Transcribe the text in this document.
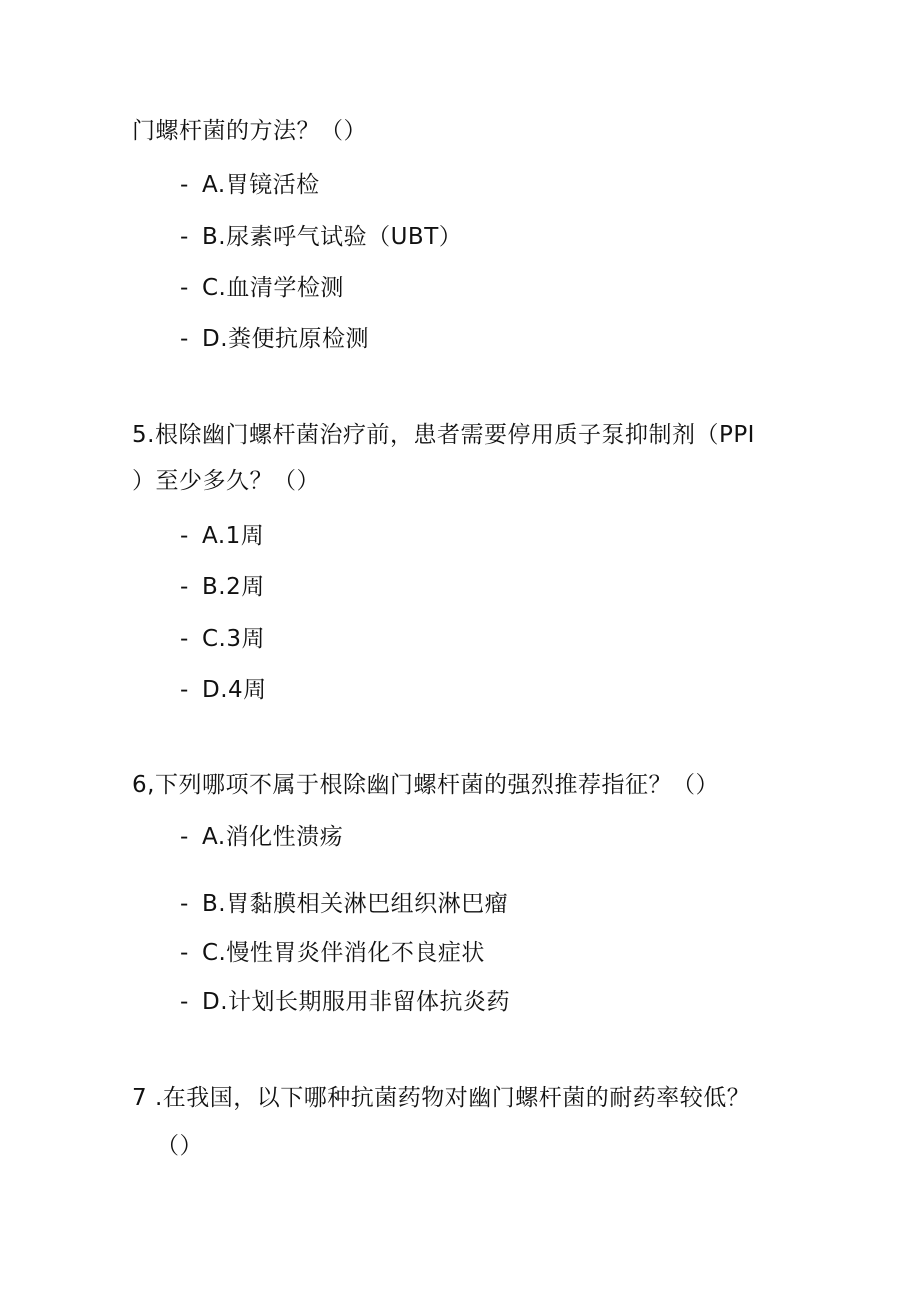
门螺杆菌的方法？（）
- A.胃镜活检
- B.尿素呼气试验（UBT）
- C.血清学检测
- D.粪便抗原检测
5.根除幽门螺杆菌治疗前，患者需要停用质子泵抑制剂（PPI
）至少多久？（）
- A.1周
- B.2周
- C.3周
- D.4周
6,下列哪项不属于根除幽门螺杆菌的强烈推荐指征？（）
- A.消化性溃疡
- B.胃黏膜相关淋巴组织淋巴瘤
- C.慢性胃炎伴消化不良症状
- D.计划长期服用非留体抗炎药
7 .在我国，以下哪种抗菌药物对幽门螺杆菌的耐药率较低？
（）
